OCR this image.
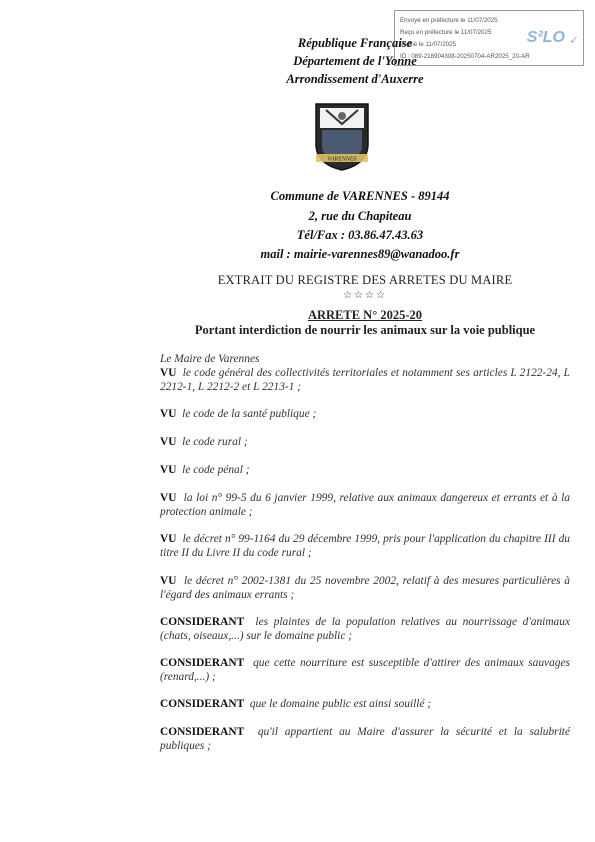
Envoyé en préfecture le 11/07/2025
Reçu en préfecture le 11/07/2025
Publié le 11/07/2025
ID : 089-218904308-20250704-AR2025_20-AR
S²LO ✓
République Française
Département de l'Yonne
Arrondissement d'Auxerre
VARENNES
Commune de VARENNES - 89144
2, rue du Chapiteau
Tél/Fax : 03.86.47.43.63
mail : mairie-varennes89@wanadoo.fr
EXTRAIT DU REGISTRE DES ARRETES DU MAIRE
☆☆☆☆
ARRETE N° 2025-20
Portant interdiction de nourrir les animaux sur la voie publique
Le Maire de Varennes
VU le code général des collectivités territoriales et notamment ses articles L 2122-24, L 2212-1, L 2212-2 et L 2213-1 ;
VU le code de la santé publique ;
VU le code rural ;
VU le code pénal ;
VU la loi n° 99-5 du 6 janvier 1999, relative aux animaux dangereux et errants et à la protection animale ;
VU le décret n° 99-1164 du 29 décembre 1999, pris pour l'application du chapitre III du titre II du Livre II du code rural ;
VU le décret n° 2002-1381 du 25 novembre 2002, relatif à des mesures particulières à l'égard des animaux errants ;
CONSIDERANT les plaintes de la population relatives au nourrissage d'animaux (chats, oiseaux,...) sur le domaine public ;
CONSIDERANT que cette nourriture est susceptible d'attirer des animaux sauvages (renard,...) ;
CONSIDERANT que le domaine public est ainsi souillé ;
CONSIDERANT qu'il appartient au Maire d'assurer la sécurité et la salubrité publiques ;
